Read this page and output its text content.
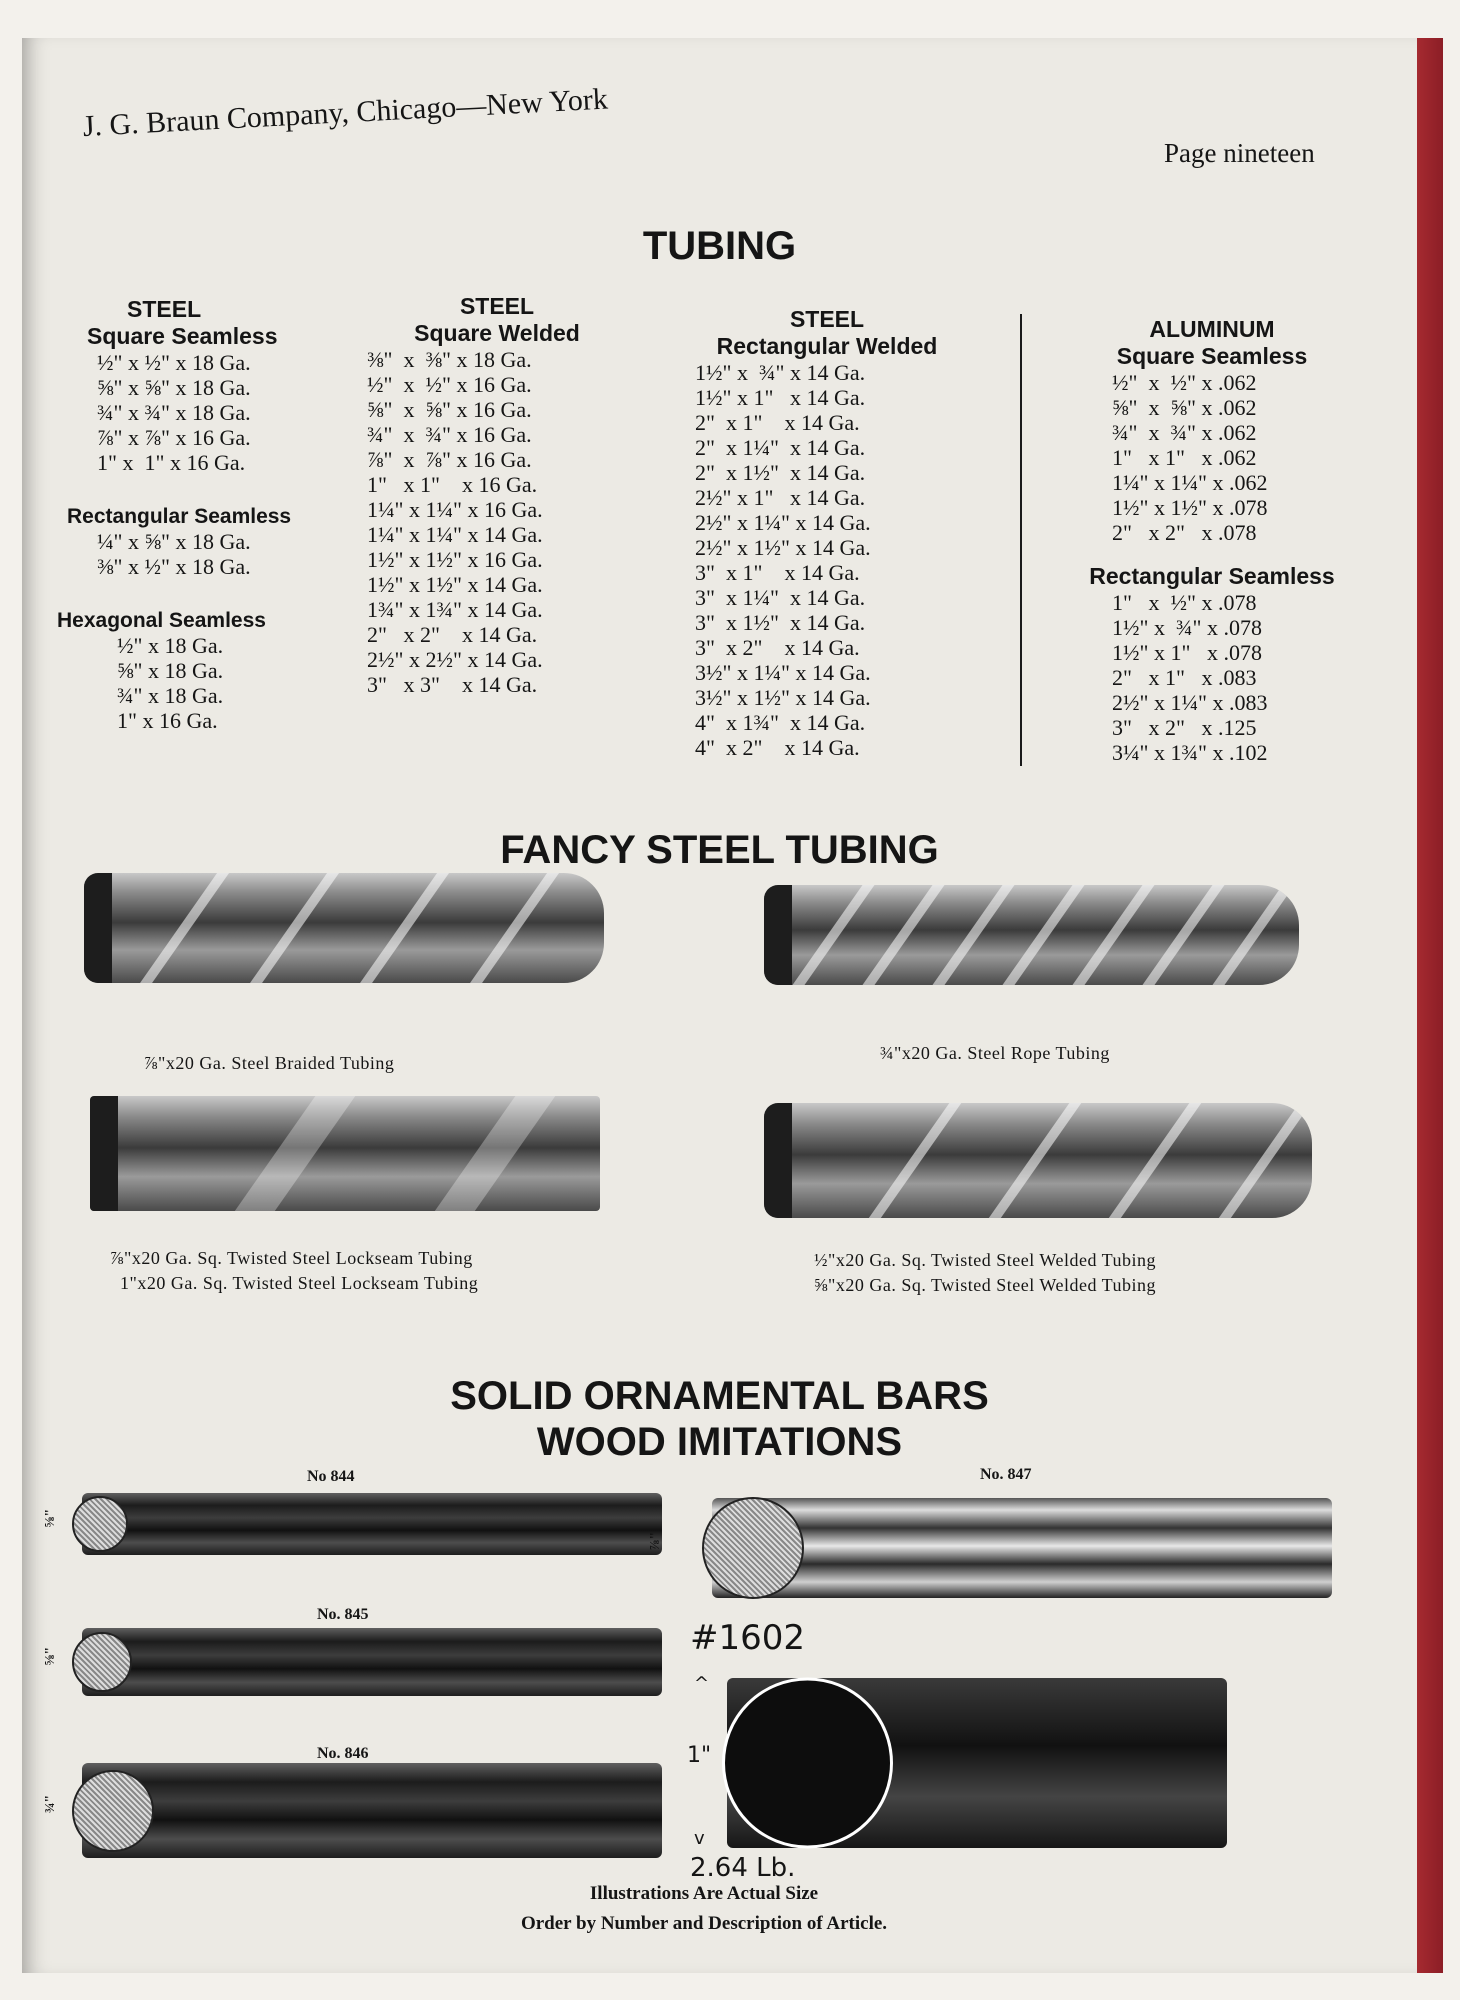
J. G. Braun Company, Chicago—New York
Page nineteen
TUBING
STEEL
Square Seamless
½" x ½" x 18 Ga.
⅝" x ⅝" x 18 Ga.
¾" x ¾" x 18 Ga.
⅞" x ⅞" x 16 Ga.
1" x  1" x 16 Ga.
Rectangular Seamless
¼" x ⅝" x 18 Ga.
⅜" x ½" x 18 Ga.
Hexagonal Seamless
½" x 18 Ga.
⅝" x 18 Ga.
¾" x 18 Ga.
1" x 16 Ga.
STEEL
Square Welded
⅜"  x  ⅜" x 18 Ga.
½"  x  ½" x 16 Ga.
⅝"  x  ⅝" x 16 Ga.
¾"  x  ¾" x 16 Ga.
⅞"  x  ⅞" x 16 Ga.
1"   x 1"    x 16 Ga.
1¼" x 1¼" x 16 Ga.
1¼" x 1¼" x 14 Ga.
1½" x 1½" x 16 Ga.
1½" x 1½" x 14 Ga.
1¾" x 1¾" x 14 Ga.
2"   x 2"    x 14 Ga.
2½" x 2½" x 14 Ga.
3"   x 3"    x 14 Ga.
STEEL
Rectangular Welded
1½" x  ¾" x 14 Ga.
1½" x 1"   x 14 Ga.
2"  x 1"    x 14 Ga.
2"  x 1¼"  x 14 Ga.
2"  x 1½"  x 14 Ga.
2½" x 1"   x 14 Ga.
2½" x 1¼" x 14 Ga.
2½" x 1½" x 14 Ga.
3"  x 1"    x 14 Ga.
3"  x 1¼"  x 14 Ga.
3"  x 1½"  x 14 Ga.
3"  x 2"    x 14 Ga.
3½" x 1¼" x 14 Ga.
3½" x 1½" x 14 Ga.
4"  x 1¾"  x 14 Ga.
4"  x 2"    x 14 Ga.
ALUMINUM
Square Seamless
½"  x  ½" x .062
⅝"  x  ⅝" x .062
¾"  x  ¾" x .062
1"   x 1"   x .062
1¼" x 1¼" x .062
1½" x 1½" x .078
2"   x 2"   x .078
Rectangular Seamless
1"   x  ½" x .078
1½" x  ¾" x .078
1½" x 1"   x .078
2"   x 1"   x .083
2½" x 1¼" x .083
3"   x 2"   x .125
3¼" x 1¾" x .102
FANCY STEEL TUBING
⅞"x20 Ga. Steel Braided Tubing	¾"x20 Ga. Steel Rope Tubing
⅞"x20 Ga. Sq. Twisted Steel Lockseam Tubing
1"x20 Ga. Sq. Twisted Steel Lockseam Tubing
½"x20 Ga. Sq. Twisted Steel Welded Tubing
⅝"x20 Ga. Sq. Twisted Steel Welded Tubing
SOLID ORNAMENTAL BARS
WOOD IMITATIONS
No 844
⅝"
No. 845
⅝"
No. 846
¾"
No. 847
⅞"
#1602
1"
^
v
2.64 Lb.
Illustrations Are Actual Size
Order by Number and Description of Article.
